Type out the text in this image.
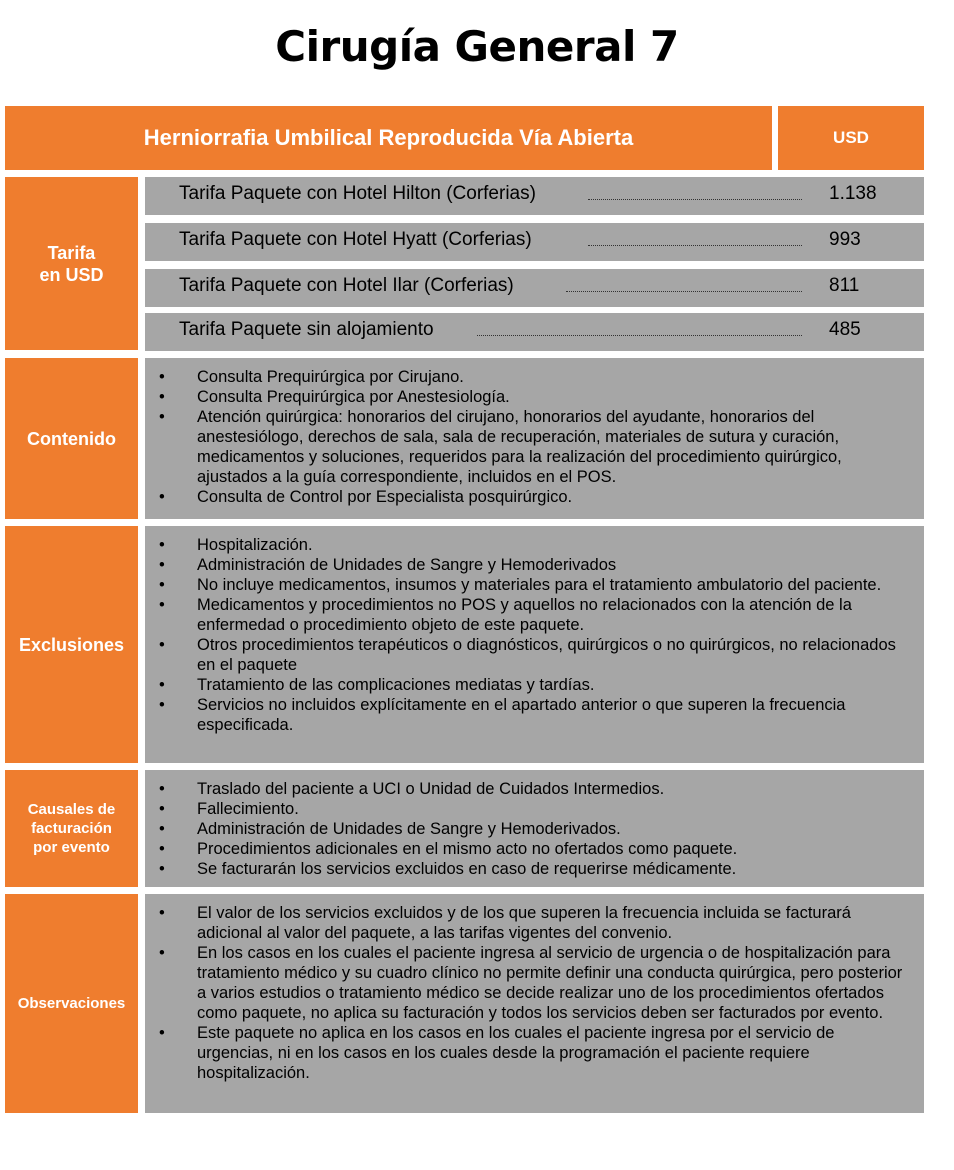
Cirugía General 7
Herniorrafia Umbilical Reproducida Vía Abierta	USD
Tarifa
en USD
Tarifa Paquete con Hotel Hilton (Corferias)	1.138
Tarifa Paquete con Hotel Hyatt (Corferias)	993
Tarifa Paquete con Hotel Ilar (Corferias)	811
Tarifa Paquete sin alojamiento	485
Contenido
• Consulta Prequirúrgica por Cirujano.
• Consulta Prequirúrgica por Anestesiología.
• Atención quirúrgica: honorarios del cirujano, honorarios del ayudante, honorarios del anestesiólogo, derechos de sala, sala de recuperación, materiales de sutura y curación, medicamentos y soluciones, requeridos para la realización del procedimiento quirúrgico, ajustados a la guía correspondiente, incluidos en el POS.
• Consulta de Control por Especialista posquirúrgico.
Exclusiones
• Hospitalización.
• Administración de Unidades de Sangre y Hemoderivados
• No incluye medicamentos, insumos y materiales para el tratamiento ambulatorio del paciente.
• Medicamentos y procedimientos no POS y aquellos no relacionados con la atención de la enfermedad o procedimiento objeto de este paquete.
• Otros procedimientos terapéuticos o diagnósticos, quirúrgicos o no quirúrgicos, no relacionados en el paquete
• Tratamiento de las complicaciones mediatas y tardías.
• Servicios no incluidos explícitamente en el apartado anterior o que superen la frecuencia especificada.
Causales de
facturación
por evento
• Traslado del paciente a UCI o Unidad de Cuidados Intermedios.
• Fallecimiento.
• Administración de Unidades de Sangre y Hemoderivados.
• Procedimientos adicionales en el mismo acto no ofertados como paquete.
• Se facturarán los servicios excluidos en caso de requerirse médicamente.
Observaciones
• El valor de los servicios excluidos y de los que superen la frecuencia incluida se facturará adicional al valor del paquete, a las tarifas vigentes del convenio.
• En los casos en los cuales el paciente ingresa al servicio de urgencia o de hospitalización para tratamiento médico y su cuadro clínico no permite definir una conducta quirúrgica, pero posterior a varios estudios o tratamiento médico se decide realizar uno de los procedimientos ofertados como paquete, no aplica su facturación y todos los servicios deben ser facturados por evento.
• Este paquete no aplica en los casos en los cuales el paciente ingresa por el servicio de urgencias, ni en los casos en los cuales desde la programación el paciente requiere hospitalización.
